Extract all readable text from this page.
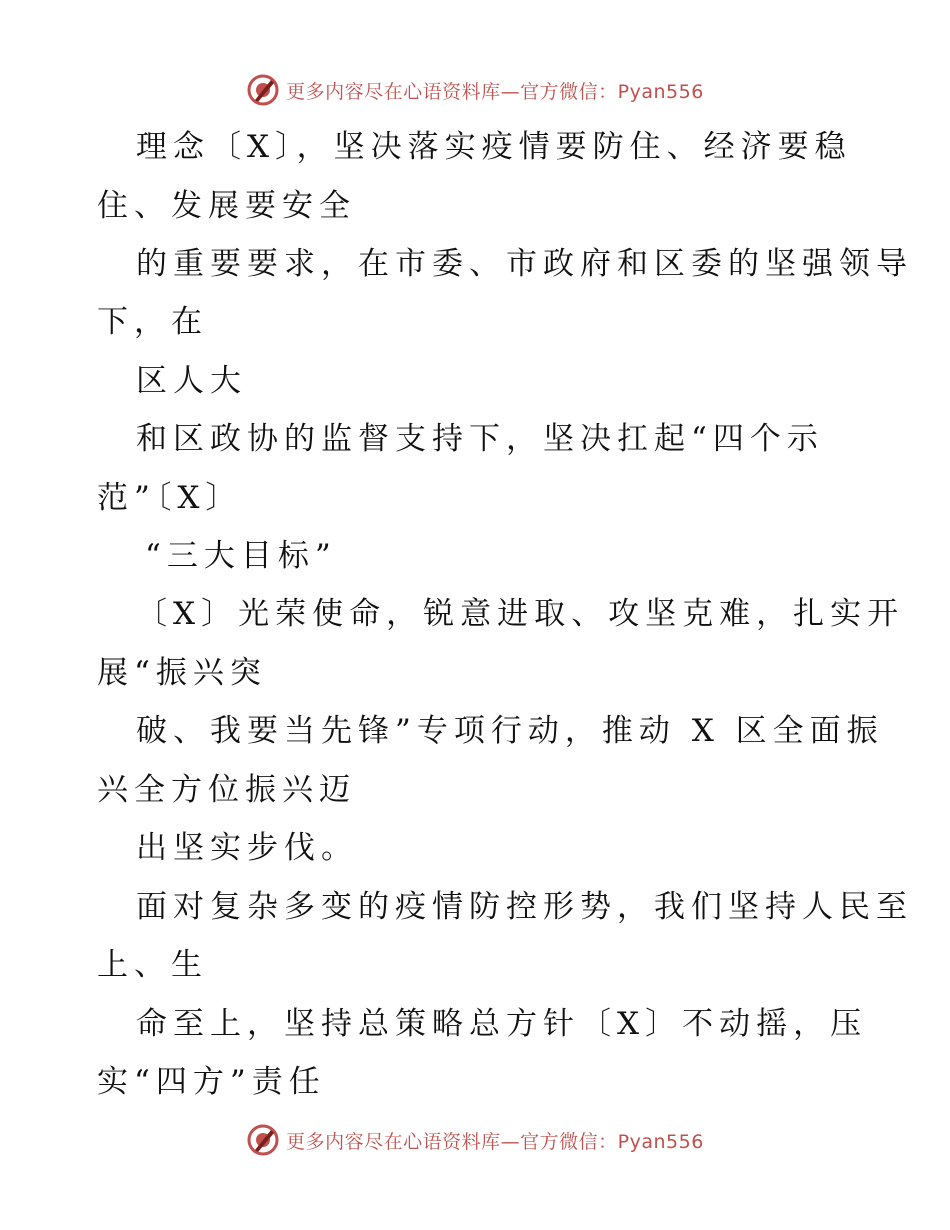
更多内容尽在心语资料库—官方微信：Pyan556
理念〔X〕，坚决落实疫情要防住、经济要稳
住、发展要安全
的重要要求，在市委、市政府和区委的坚强领导
下，在
区人大
和区政协的监督支持下，坚决扛起“四个示
范”〔X〕
“三大目标”
〔X〕光荣使命，锐意进取、攻坚克难，扎实开
展“振兴突
破、我要当先锋”专项行动，推动 X 区全面振
兴全方位振兴迈
出坚实步伐。
面对复杂多变的疫情防控形势，我们坚持人民至
上、生
命至上，坚持总策略总方针〔X〕不动摇，压
实“四方”责任
更多内容尽在心语资料库—官方微信：Pyan556
